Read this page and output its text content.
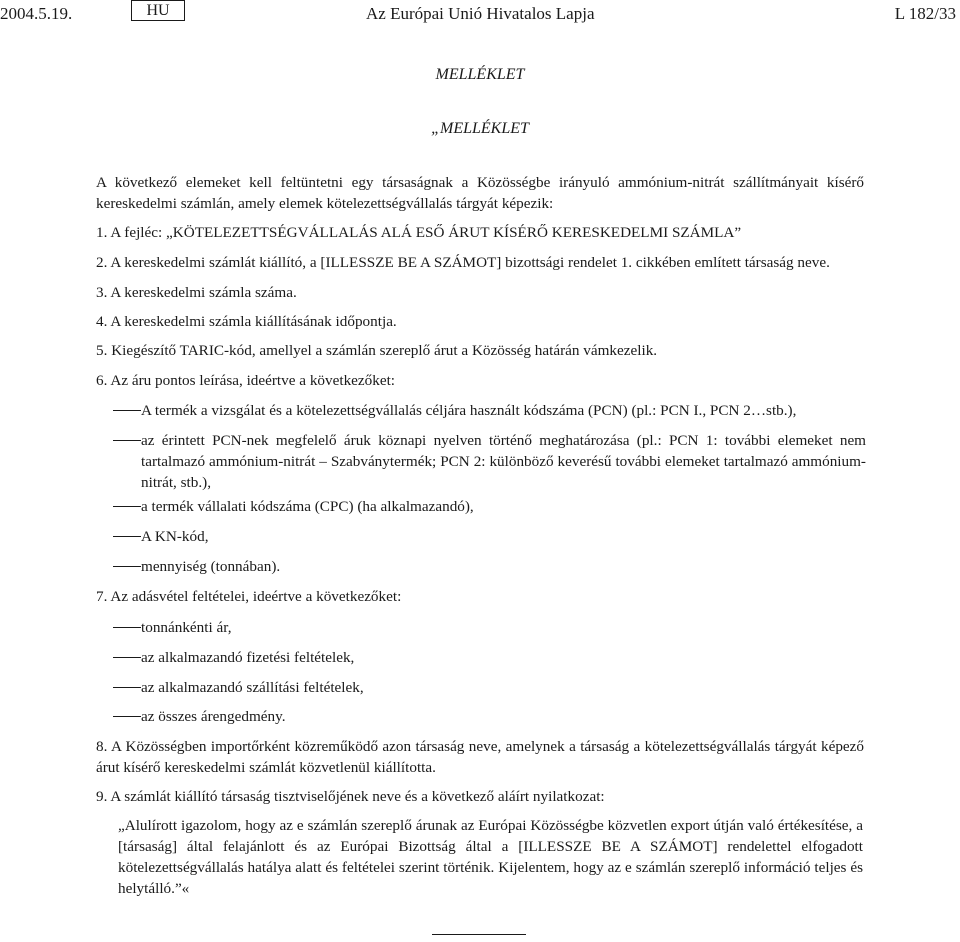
2004.5.19.	HU	Az Európai Unió Hivatalos Lapja	L 182/33
MELLÉKLET
„MELLÉKLET
A következő elemeket kell feltüntetni egy társaságnak a Közösségbe irányuló ammónium-nitrát szállítmányait kísérő kereskedelmi számlán, amely elemek kötelezettségvállalás tárgyát képezik:
1. A fejléc: „KÖTELEZETTSÉGVÁLLALÁS ALÁ ESŐ ÁRUT KÍSÉRŐ KERESKEDELMI SZÁMLA”
2. A kereskedelmi számlát kiállító, a [ILLESSZE BE A SZÁMOT] bizottsági rendelet 1. cikkében említett társaság neve.
3. A kereskedelmi számla száma.
4. A kereskedelmi számla kiállításának időpontja.
5. Kiegészítő TARIC-kód, amellyel a számlán szereplő árut a Közösség határán vámkezelik.
6. Az áru pontos leírása, ideértve a következőket:
A termék a vizsgálat és a kötelezettségvállalás céljára használt kódszáma (PCN) (pl.: PCN I., PCN 2…stb.),
az érintett PCN-nek megfelelő áruk köznapi nyelven történő meghatározása (pl.: PCN 1: további elemeket nem tartalmazó ammónium-nitrát – Szabványtermék; PCN 2: különböző keverésű további elemeket tartalmazó ammónium-nitrát, stb.),
a termék vállalati kódszáma (CPC) (ha alkalmazandó),
A KN-kód,
mennyiség (tonnában).
7. Az adásvétel feltételei, ideértve a következőket:
tonnánkénti ár,
az alkalmazandó fizetési feltételek,
az alkalmazandó szállítási feltételek,
az összes árengedmény.
8. A Közösségben importőrként közreműködő azon társaság neve, amelynek a társaság a kötelezettségvállalás tárgyát képező árut kísérő kereskedelmi számlát közvetlenül kiállította.
9. A számlát kiállító társaság tisztviselőjének neve és a következő aláírt nyilatkozat:
„Alulírott igazolom, hogy az e számlán szereplő árunak az Európai Közösségbe közvetlen export útján való értékesítése, a [társaság] által felajánlott és az Európai Bizottság által a [ILLESSZE BE A SZÁMOT] rendelettel elfogadott kötelezettségvállalás hatálya alatt és feltételei szerint történik. Kijelentem, hogy az e számlán szereplő információ teljes és helytálló.”«
